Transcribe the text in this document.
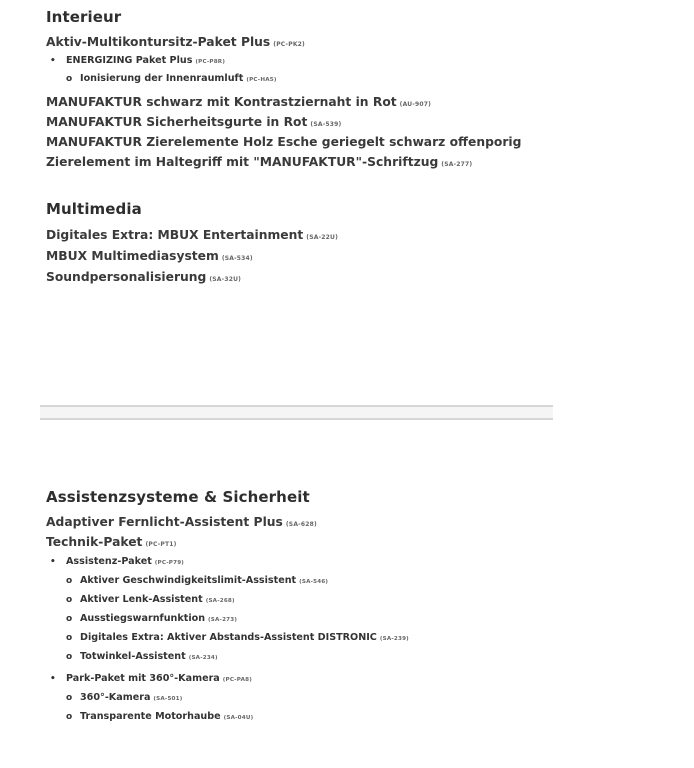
Interieur
Aktiv-Multikontursitz-Paket Plus (PC-PK2)
• ENERGIZING Paket Plus (PC-P8R)
o Ionisierung der Innenraumluft (PC-HA5)
MANUFAKTUR schwarz mit Kontrastziernaht in Rot (AU-907)
MANUFAKTUR Sicherheitsgurte in Rot (SA-539)
MANUFAKTUR Zierelemente Holz Esche geriegelt schwarz offenporig
Zierelement im Haltegriff mit "MANUFAKTUR"-Schriftzug (SA-277)
Multimedia
Digitales Extra: MBUX Entertainment (SA-22U)
MBUX Multimediasystem (SA-534)
Soundpersonalisierung (SA-32U)
Assistenzsysteme & Sicherheit
Adaptiver Fernlicht-Assistent Plus (SA-628)
Technik-Paket (PC-PT1)
• Assistenz-Paket (PC-P79)
o Aktiver Geschwindigkeitslimit-Assistent (SA-546)
o Aktiver Lenk-Assistent (SA-268)
o Ausstiegswarnfunktion (SA-273)
o Digitales Extra: Aktiver Abstands-Assistent DISTRONIC (SA-239)
o Totwinkel-Assistent (SA-234)
• Park-Paket mit 360°-Kamera (PC-PA8)
o 360°-Kamera (SA-501)
o Transparente Motorhaube (SA-04U)
